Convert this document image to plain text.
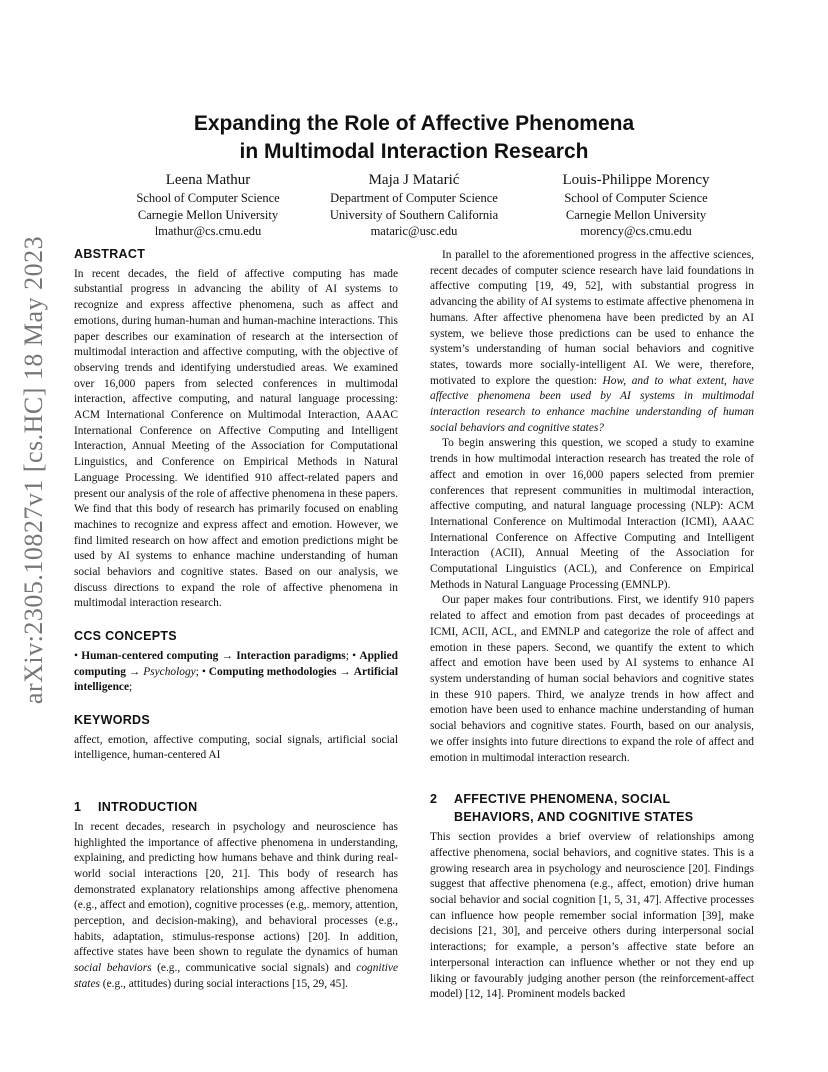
arXiv:2305.10827v1 [cs.HC] 18 May 2023
Expanding the Role of Affective Phenomena
in Multimodal Interaction Research
Leena Mathur
School of Computer Science
Carnegie Mellon University
lmathur@cs.cmu.edu
Maja J Matarić
Department of Computer Science
University of Southern California
mataric@usc.edu
Louis-Philippe Morency
School of Computer Science
Carnegie Mellon University
morency@cs.cmu.edu
ABSTRACT

In recent decades, the field of affective computing has made substantial progress in advancing the ability of AI systems to recognize and express affective phenomena, such as affect and emotions, during human-human and human-machine interactions. This paper describes our examination of research at the intersection of multimodal interaction and affective computing, with the objective of observing trends and identifying understudied areas. We examined over 16,000 papers from selected conferences in multimodal interaction, affective computing, and natural language processing: ACM International Conference on Multimodal Interaction, AAAC International Conference on Affective Computing and Intelligent Interaction, Annual Meeting of the Association for Computational Linguistics, and Conference on Empirical Methods in Natural Language Processing. We identified 910 affect-related papers and present our analysis of the role of affective phenomena in these papers. We find that this body of research has primarily focused on enabling machines to recognize and express affect and emotion. However, we find limited research on how affect and emotion predictions might be used by AI systems to enhance machine understanding of human social behaviors and cognitive states. Based on our analysis, we discuss directions to expand the role of affective phenomena in multimodal interaction research.

CCS CONCEPTS

• Human-centered computing → Interaction paradigms; • Applied computing → Psychology; • Computing methodologies → Artificial intelligence;

KEYWORDS

affect, emotion, affective computing, social signals, artificial social intelligence, human-centered AI

1 INTRODUCTION

In recent decades, research in psychology and neuroscience has highlighted the importance of affective phenomena in understanding, explaining, and predicting how humans behave and think during real-world social interactions [20, 21]. This body of research has demonstrated explanatory relationships among affective phenomena (e.g., affect and emotion), cognitive processes (e.g,. memory, attention, perception, and decision-making), and behavioral processes (e.g., habits, adaptation, stimulus-response actions) [20]. In addition, affective states have been shown to regulate the dynamics of human social behaviors (e.g., communicative social signals) and cognitive states (e.g., attitudes) during social interactions [15, 29, 45].

In parallel to the aforementioned progress in the affective sciences, recent decades of computer science research have laid foundations in affective computing [19, 49, 52], with substantial progress in advancing the ability of AI systems to estimate affective phenomena in humans. After affective phenomena have been predicted by an AI system, we believe those predictions can be used to enhance the system’s understanding of human social behaviors and cognitive states, towards more socially-intelligent AI. We were, therefore, motivated to explore the question: How, and to what extent, have affective phenomena been used by AI systems in multimodal interaction research to enhance machine understanding of human social behaviors and cognitive states?

To begin answering this question, we scoped a study to examine trends in how multimodal interaction research has treated the role of affect and emotion in over 16,000 papers selected from premier conferences that represent communities in multimodal interaction, affective computing, and natural language processing (NLP): ACM International Conference on Multimodal Interaction (ICMI), AAAC International Conference on Affective Computing and Intelligent Interaction (ACII), Annual Meeting of the Association for Computational Linguistics (ACL), and Conference on Empirical Methods in Natural Language Processing (EMNLP).

Our paper makes four contributions. First, we identify 910 papers related to affect and emotion from past decades of proceedings at ICMI, ACII, ACL, and EMNLP and categorize the role of affect and emotion in these papers. Second, we quantify the extent to which affect and emotion have been used by AI systems to enhance AI system understanding of human social behaviors and cognitive states in these 910 papers. Third, we analyze trends in how affect and emotion have been used to enhance machine understanding of human social behaviors and cognitive states. Fourth, based on our analysis, we offer insights into future directions to expand the role of affect and emotion in multimodal interaction research.

2	AFFECTIVE PHENOMENA, SOCIAL
BEHAVIORS, AND COGNITIVE STATES

This section provides a brief overview of relationships among affective phenomena, social behaviors, and cognitive states. This is a growing research area in psychology and neuroscience [20]. Findings suggest that affective phenomena (e.g., affect, emotion) drive human social behavior and social cognition [1, 5, 31, 47]. Affective processes can influence how people remember social information [39], make decisions [21, 30], and perceive others during interpersonal social interactions; for example, a person’s affective state before an interpersonal interaction can influence whether or not they end up liking or favourably judging another person (the reinforcement-affect model) [12, 14]. Prominent models backed
